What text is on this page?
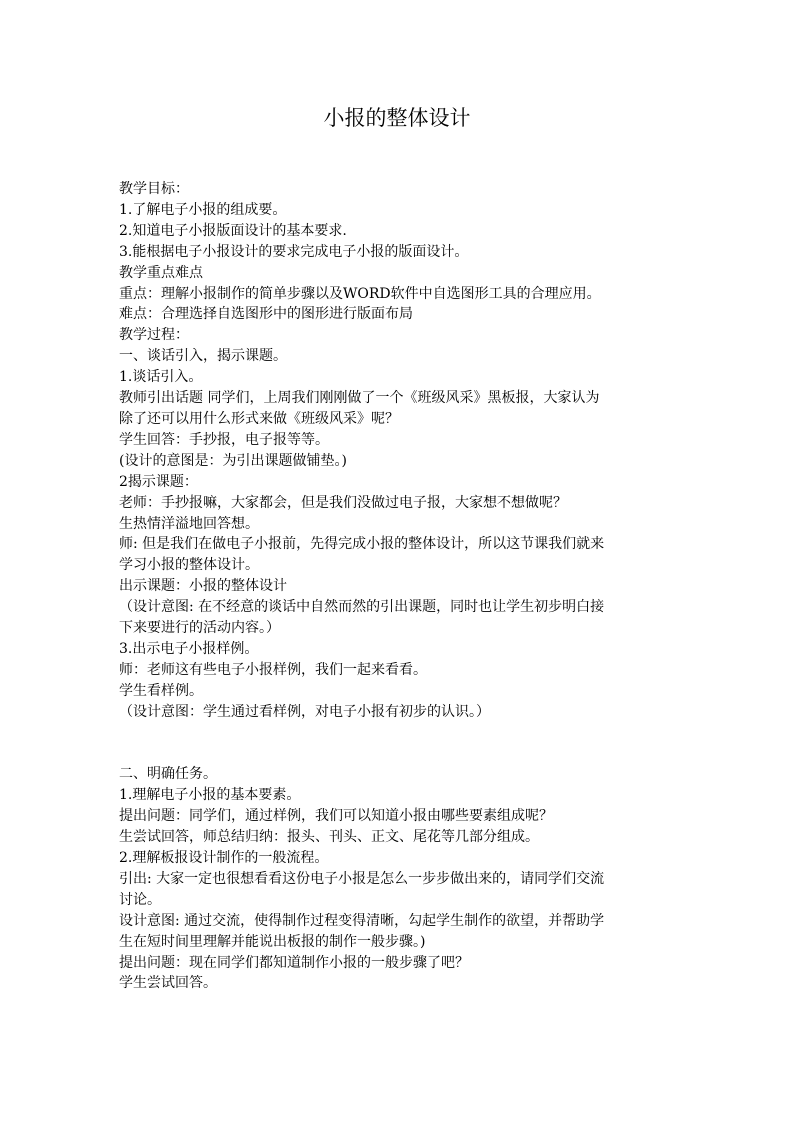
小报的整体设计
教学目标：
1.了解电子小报的组成要。
2.知道电子小报版面设计的基本要求.
3.能根据电子小报设计的要求完成电子小报的版面设计。
教学重点难点
重点：理解小报制作的简单步骤以及WORD软件中自选图形工具的合理应用。
难点：合理选择自选图形中的图形进行版面布局
教学过程：
一、谈话引入，揭示课题。
1.谈话引入。
教师引出话题 同学们，上周我们刚刚做了一个《班级风采》黑板报，大家认为
除了还可以用什么形式来做《班级风采》呢？
学生回答：手抄报，电子报等等。
(设计的意图是：为引出课题做铺垫。)
2揭示课题：
老师：手抄报嘛，大家都会，但是我们没做过电子报，大家想不想做呢？
生热情洋溢地回答想。
师: 但是我们在做电子小报前，先得完成小报的整体设计，所以这节课我们就来
学习小报的整体设计。
出示课题：小报的整体设计
（设计意图: 在不经意的谈话中自然而然的引出课题，同时也让学生初步明白接
下来要进行的活动内容。）
3.出示电子小报样例。
师：老师这有些电子小报样例，我们一起来看看。
学生看样例。
（设计意图：学生通过看样例，对电子小报有初步的认识。）
二、明确任务。
1.理解电子小报的基本要素。
提出问题：同学们，通过样例，我们可以知道小报由哪些要素组成呢？
生尝试回答，师总结归纳：报头、刊头、正文、尾花等几部分组成。
2.理解板报设计制作的一般流程。
引出: 大家一定也很想看看这份电子小报是怎么一步步做出来的，请同学们交流
讨论。
设计意图: 通过交流，使得制作过程变得清晰，勾起学生制作的欲望，并帮助学
生在短时间里理解并能说出板报的制作一般步骤。)
提出问题：现在同学们都知道制作小报的一般步骤了吧？
学生尝试回答。
